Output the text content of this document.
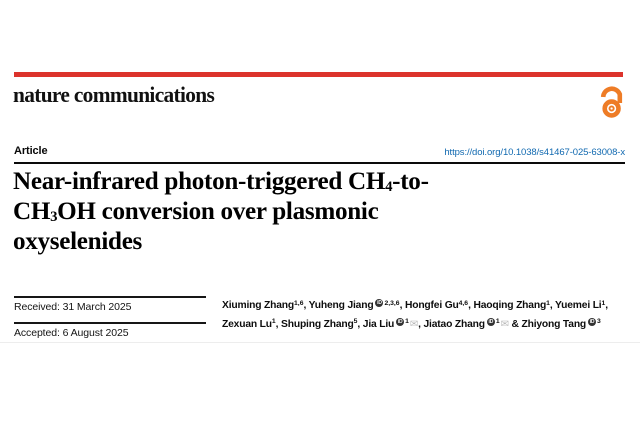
nature communications
Article	https://doi.org/10.1038/s41467-025-63008-x
Near-infrared photon-triggered $CH_4-to-$
$CH_3OH$ conversion over plasmonic
oxyselenides
Received: 31 March 2025
Accepted: 6 August 2025
Xiuming Zhang$^{1,6}$, Yuheng Jiang iD $^{2,3,6}$, Hongfei Gu$^{4,6}$, Haoqing Zhang$^1$, Yuemei Li$^1$,
Zexuan Lu$^1$, Shuping Zhang$^5$, Jia Liu iD $^1$✉, Jiatao Zhang iD $^1$✉ & Zhiyong Tang iD $^3$
